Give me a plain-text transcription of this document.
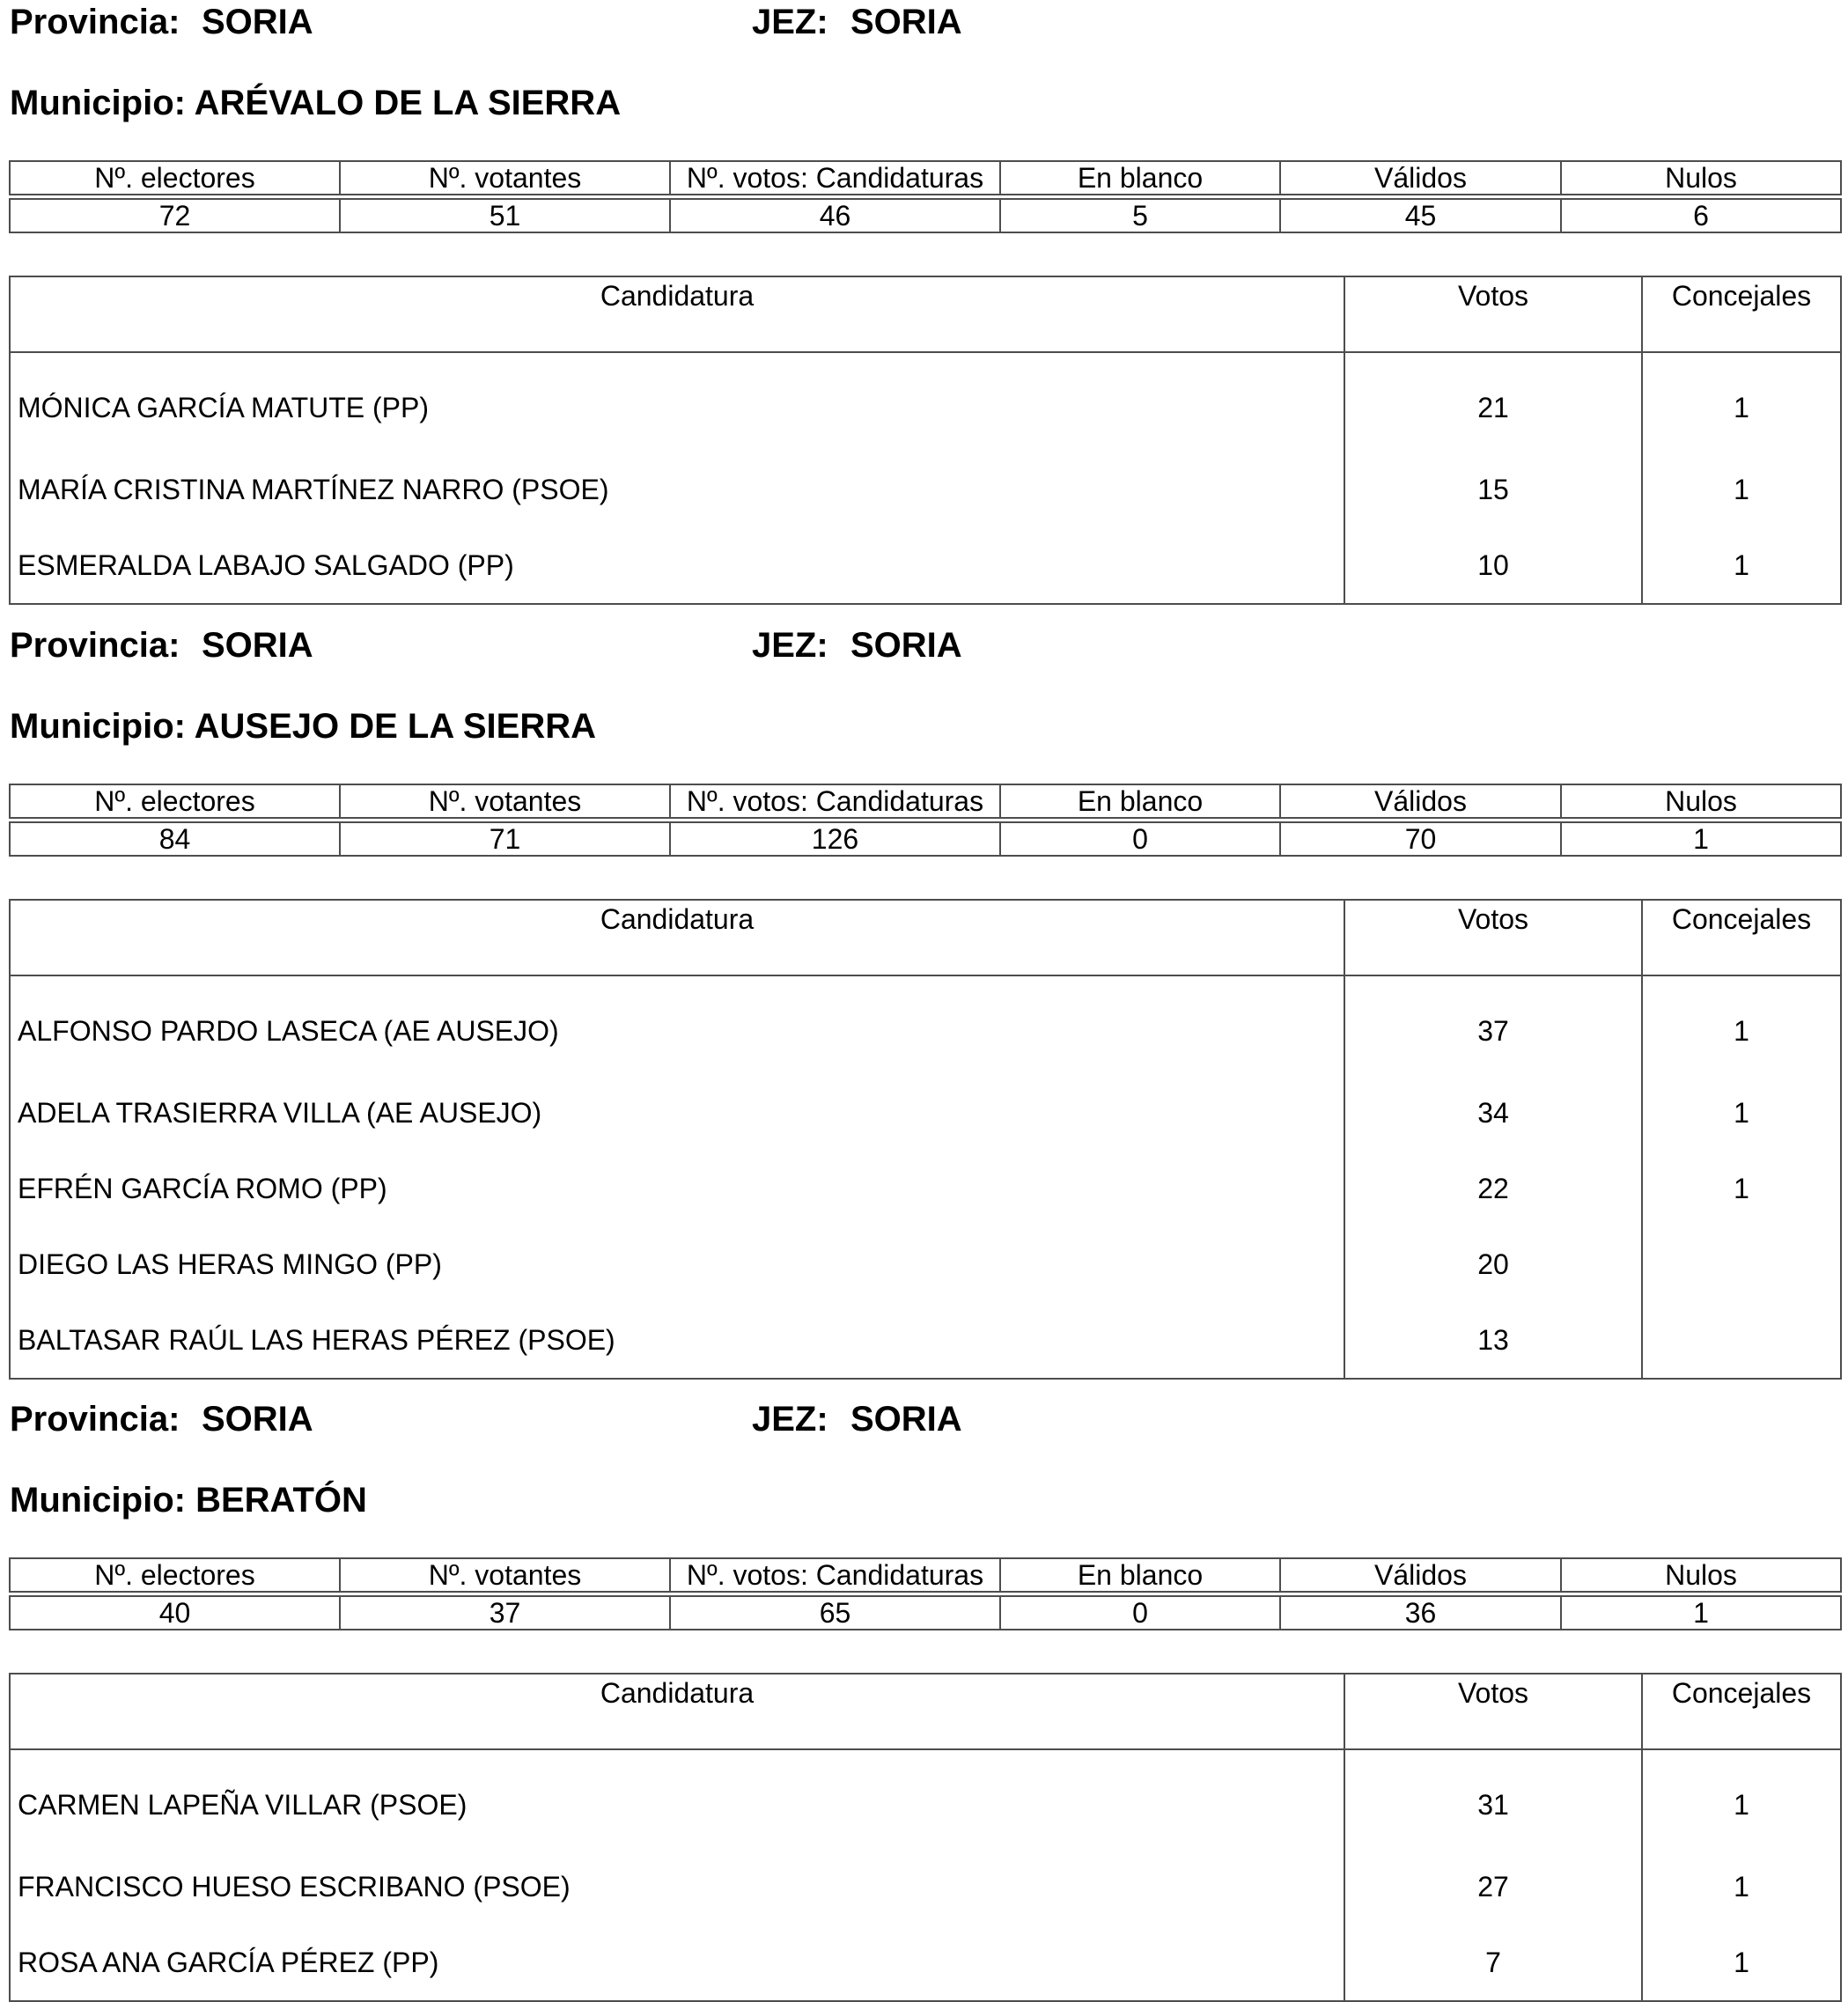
Provincia: SORIA	JEZ: SORIA
Municipio: ARÉVALO DE LA SIERRA
Nº. electores	Nº. votantes	Nº. votos: Candidaturas	En blanco	Válidos	Nulos
72	51	46	5	45	6
Candidatura	Votos	Concejales
MÓNICA GARCÍA MATUTE (PP)	21	1
MARÍA CRISTINA MARTÍNEZ NARRO (PSOE)	15	1
ESMERALDA LABAJO SALGADO (PP)	10	1
Provincia: SORIA	JEZ: SORIA
Municipio: AUSEJO DE LA SIERRA
Nº. electores	Nº. votantes	Nº. votos: Candidaturas	En blanco	Válidos	Nulos
84	71	126	0	70	1
Candidatura	Votos	Concejales
ALFONSO PARDO LASECA (AE AUSEJO)	37	1
ADELA TRASIERRA VILLA (AE AUSEJO)	34	1
EFRÉN GARCÍA ROMO (PP)	22	1
DIEGO LAS HERAS MINGO (PP)	20	
BALTASAR RAÚL LAS HERAS PÉREZ (PSOE)	13	
Provincia: SORIA	JEZ: SORIA
Municipio: BERATÓN
Nº. electores	Nº. votantes	Nº. votos: Candidaturas	En blanco	Válidos	Nulos
40	37	65	0	36	1
Candidatura	Votos	Concejales
CARMEN LAPEÑA VILLAR (PSOE)	31	1
FRANCISCO HUESO ESCRIBANO (PSOE)	27	1
ROSA ANA GARCÍA PÉREZ (PP)	7	1
